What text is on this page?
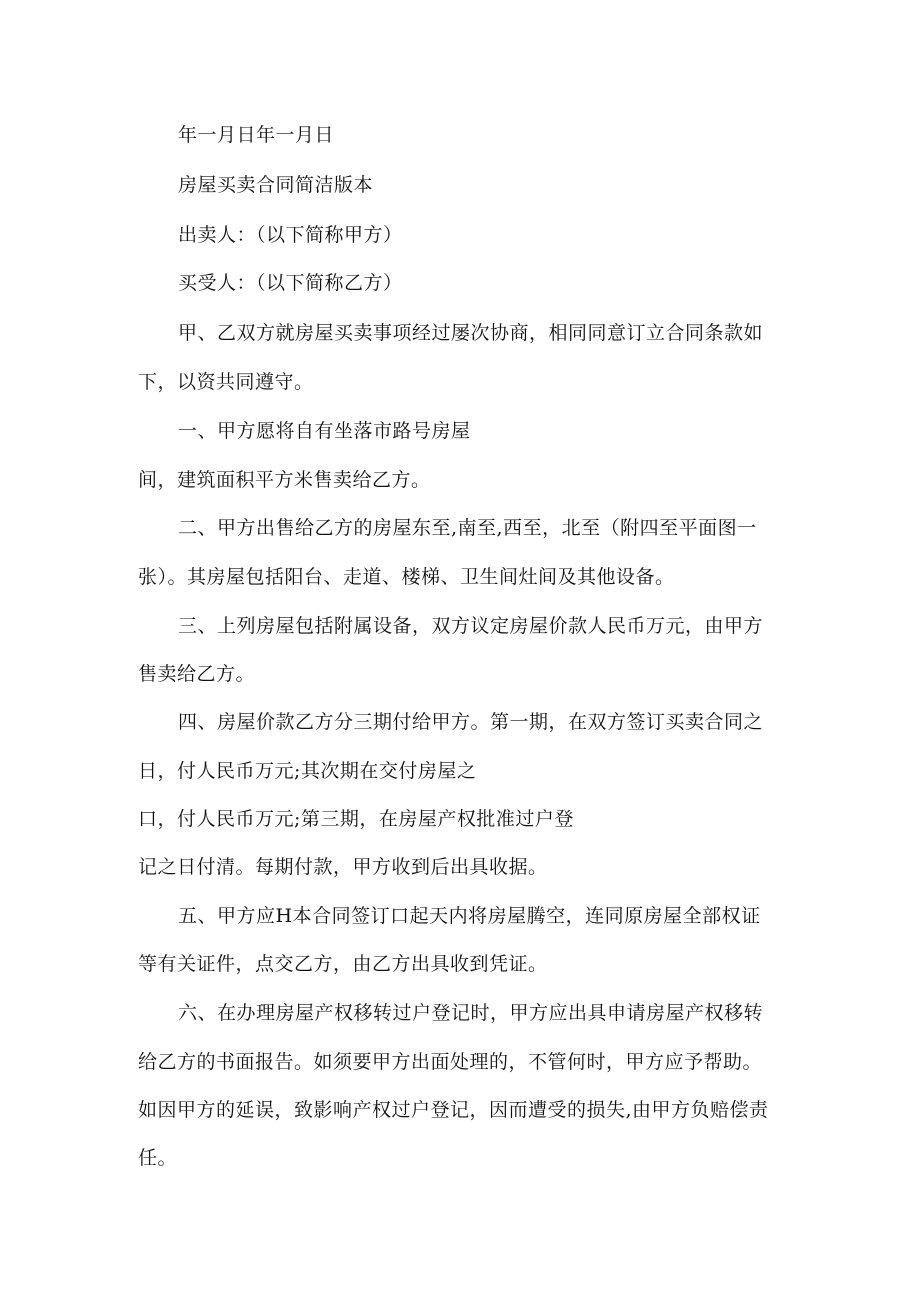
年一月日年一月日
房屋买卖合同简洁版本
出卖人：（以下简称甲方）
买受人：（以下简称乙方）
甲、乙双方就房屋买卖事项经过屡次协商，相同同意订立合同条款如
下，以资共同遵守。
一、甲方愿将自有坐落市路号房屋
间，建筑面积平方米售卖给乙方。
二、甲方出售给乙方的房屋东至,南至,西至，北至（附四至平面图一
张）。其房屋包括阳台、走道、楼梯、卫生间灶间及其他设备。
三、上列房屋包括附属设备，双方议定房屋价款人民币万元，由甲方
售卖给乙方。
四、房屋价款乙方分三期付给甲方。第一期，在双方签订买卖合同之
日，付人民币万元;其次期在交付房屋之
口，付人民币万元;第三期，在房屋产权批准过户登
记之日付清。每期付款，甲方收到后出具收据。
五、甲方应H本合同签订口起天内将房屋腾空，连同原房屋全部权证
等有关证件，点交乙方，由乙方出具收到凭证。
六、在办理房屋产权移转过户登记时，甲方应出具申请房屋产权移转
给乙方的书面报告。如须要甲方出面处理的，不管何时，甲方应予帮助。
如因甲方的延误，致影响产权过户登记，因而遭受的损失,由甲方负赔偿责
任。
